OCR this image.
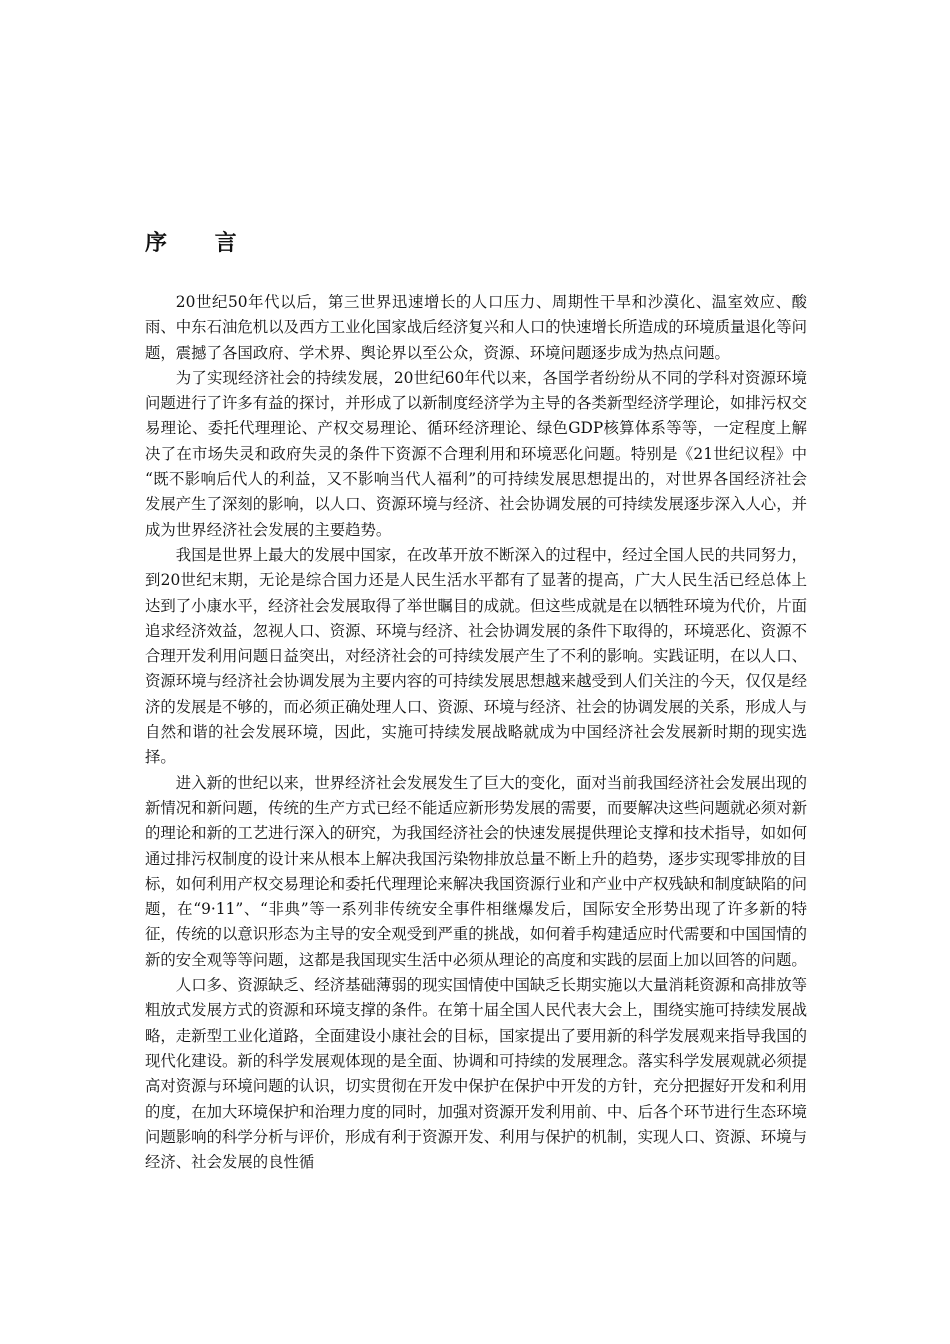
序 言

20世纪50年代以后，第三世界迅速增长的人口压力、周期性干旱和沙漠化、温室效应、酸雨、中东石油危机以及西方工业化国家战后经济复兴和人口的快速增长所造成的环境质量退化等问题，震撼了各国政府、学术界、舆论界以至公众，资源、环境问题逐步成为热点问题。

为了实现经济社会的持续发展，20世纪60年代以来，各国学者纷纷从不同的学科对资源环境问题进行了许多有益的探讨，并形成了以新制度经济学为主导的各类新型经济学理论，如排污权交易理论、委托代理理论、产权交易理论、循环经济理论、绿色GDP核算体系等等，一定程度上解决了在市场失灵和政府失灵的条件下资源不合理利用和环境恶化问题。特别是《21世纪议程》中 “既不影响后代人的利益，又不影响当代人福利”的可持续发展思想提出的，对世界各国经济社会发展产生了深刻的影响，以人口、资源环境与经济、社会协调发展的可持续发展逐步深入人心，并成为世界经济社会发展的主要趋势。

我国是世界上最大的发展中国家，在改革开放不断深入的过程中，经过全国人民的共同努力，到20世纪末期，无论是综合国力还是人民生活水平都有了显著的提高，广大人民生活已经总体上达到了小康水平，经济社会发展取得了举世瞩目的成就。但这些成就是在以牺牲环境为代价，片面追求经济效益，忽视人口、资源、环境与经济、社会协调发展的条件下取得的，环境恶化、资源不合理开发利用问题日益突出，对经济社会的可持续发展产生了不利的影响。实践证明，在以人口、资源环境与经济社会协调发展为主要内容的可持续发展思想越来越受到人们关注的今天，仅仅是经济的发展是不够的，而必须正确处理人口、资源、环境与经济、社会的协调发展的关系，形成人与自然和谐的社会发展环境，因此，实施可持续发展战略就成为中国经济社会发展新时期的现实选择。

进入新的世纪以来，世界经济社会发展发生了巨大的变化，面对当前我国经济社会发展出现的新情况和新问题，传统的生产方式已经不能适应新形势发展的需要，而要解决这些问题就必须对新的理论和新的工艺进行深入的研究，为我国经济社会的快速发展提供理论支撑和技术指导，如如何通过排污权制度的设计来从根本上解决我国污染物排放总量不断上升的趋势，逐步实现零排放的目标，如何利用产权交易理论和委托代理理论来解决我国资源行业和产业中产权残缺和制度缺陷的问题，在“9·11”、“非典”等一系列非传统安全事件相继爆发后，国际安全形势出现了许多新的特征，传统的以意识形态为主导的安全观受到严重的挑战，如何着手构建适应时代需要和中国国情的新的安全观等等问题，这都是我国现实生活中必须从理论的高度和实践的层面上加以回答的问题。

人口多、资源缺乏、经济基础薄弱的现实国情使中国缺乏长期实施以大量消耗资源和高排放等粗放式发展方式的资源和环境支撑的条件。在第十届全国人民代表大会上，围绕实施可持续发展战略，走新型工业化道路，全面建设小康社会的目标，国家提出了要用新的科学发展观来指导我国的现代化建设。新的科学发展观体现的是全面、协调和可持续的发展理念。落实科学发展观就必须提高对资源与环境问题的认识，切实贯彻在开发中保护在保护中开发的方针，充分把握好开发和利用的度，在加大环境保护和治理力度的同时，加强对资源开发利用前、中、后各个环节进行生态环境问题影响的科学分析与评价，形成有利于资源开发、利用与保护的机制，实现人口、资源、环境与经济、社会发展的良性循
